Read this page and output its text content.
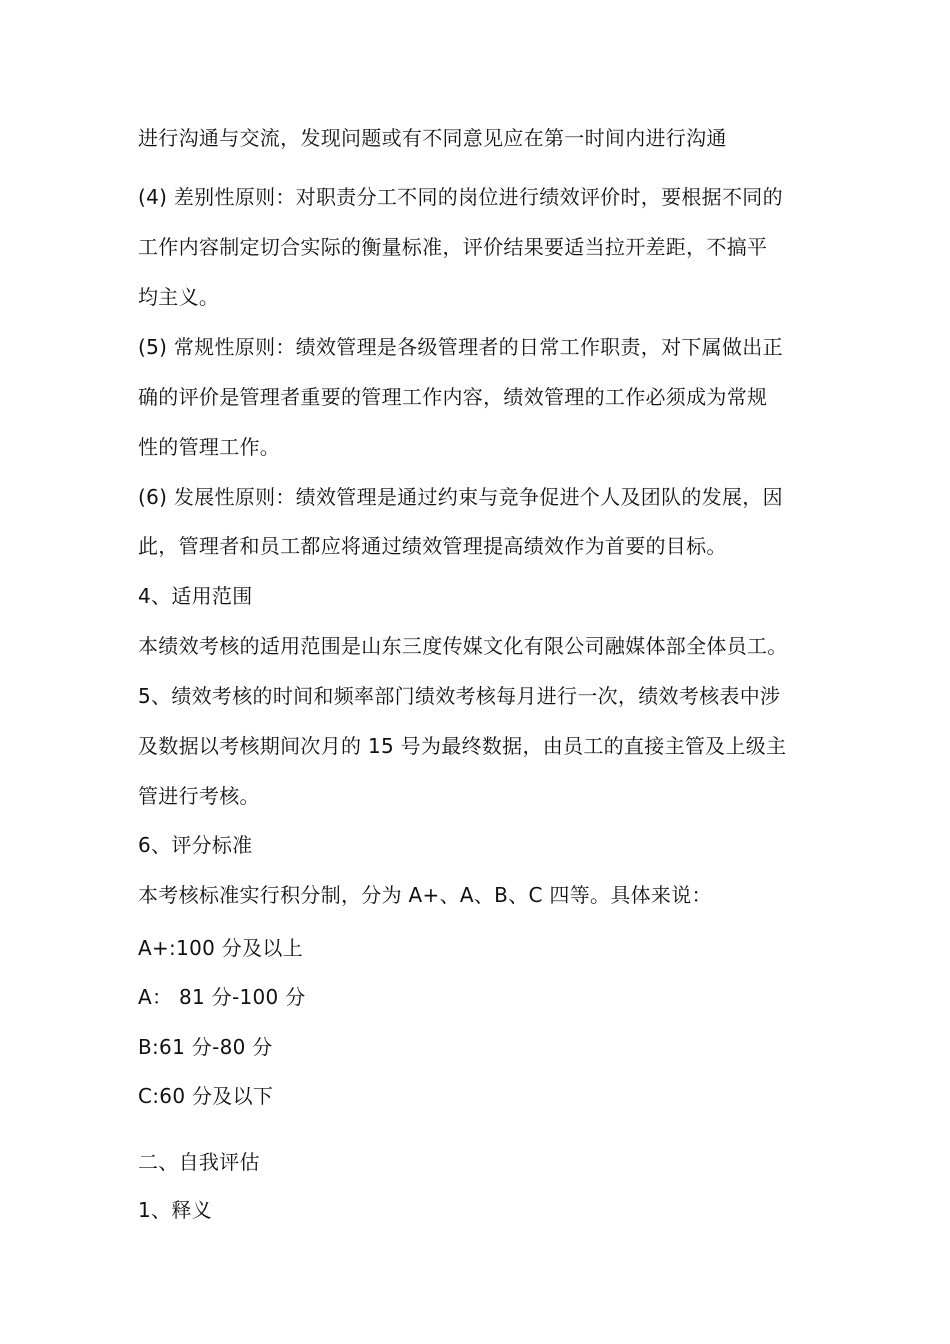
进行沟通与交流，发现问题或有不同意见应在第一时间内进行沟通
(4) 差别性原则：对职责分工不同的岗位进行绩效评价时，要根据不同的
工作内容制定切合实际的衡量标准，评价结果要适当拉开差距，不搞平
均主义。
(5) 常规性原则：绩效管理是各级管理者的日常工作职责，对下属做出正
确的评价是管理者重要的管理工作内容，绩效管理的工作必须成为常规
性的管理工作。
(6) 发展性原则：绩效管理是通过约束与竞争促进个人及团队的发展，因
此，管理者和员工都应将通过绩效管理提高绩效作为首要的目标。
4、适用范围
本绩效考核的适用范围是山东三度传媒文化有限公司融媒体部全体员工。
5、绩效考核的时间和频率部门绩效考核每月进行一次，绩效考核表中涉
及数据以考核期间次月的 15 号为最终数据，由员工的直接主管及上级主
管进行考核。
6、评分标准
本考核标准实行积分制，分为 A+、A、B、C 四等。具体来说：
A+:100 分及以上
A： 81 分-100 分
B:61 分-80 分
C:60 分及以下
二、自我评估
1、释义
